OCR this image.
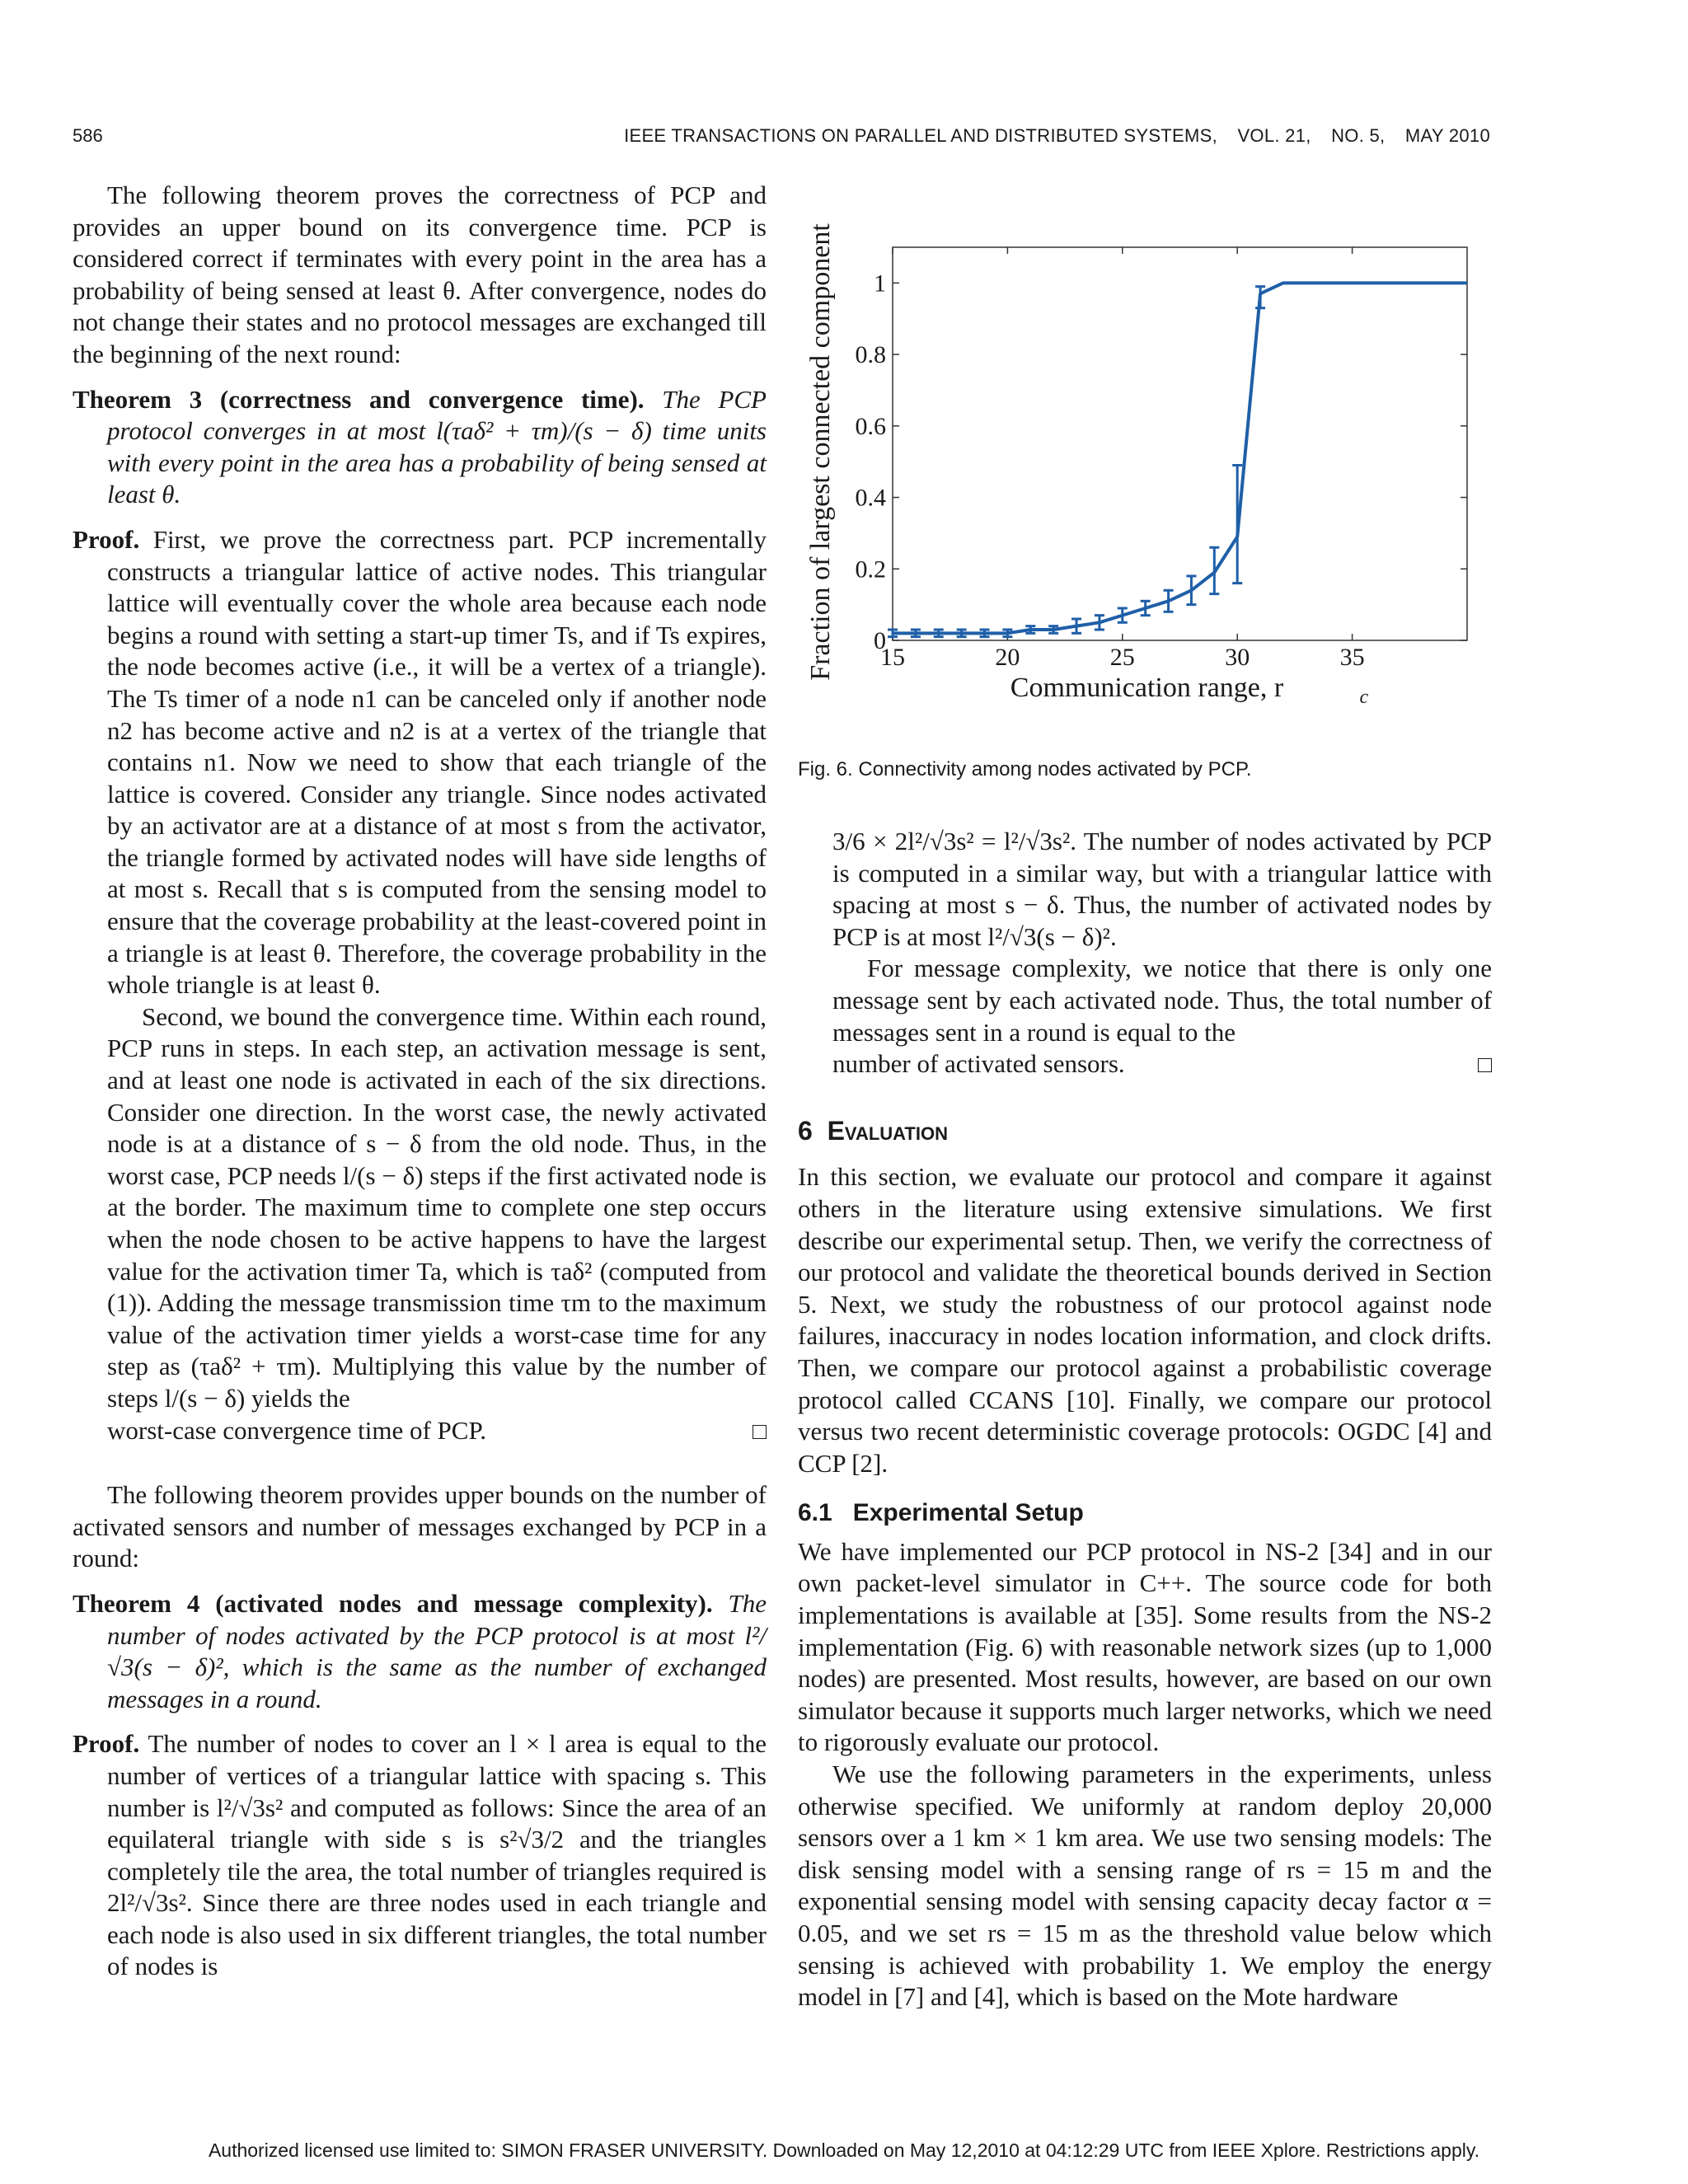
586	IEEE TRANSACTIONS ON PARALLEL AND DISTRIBUTED SYSTEMS, VOL. 21, NO. 5, MAY 2010

The following theorem proves the correctness of PCP and provides an upper bound on its convergence time. PCP is considered correct if terminates with every point in the area has a probability of being sensed at least θ. After convergence, nodes do not change their states and no protocol messages are exchanged till the beginning of the next round:

Theorem 3 (correctness and convergence time). The PCP protocol converges in at most l(τaδ² + τm)/(s − δ) time units with every point in the area has a probability of being sensed at least θ.

Proof. First, we prove the correctness part. PCP incrementally constructs a triangular lattice of active nodes. This triangular lattice will eventually cover the whole area because each node begins a round with setting a start-up timer Ts, and if Ts expires, the node becomes active (i.e., it will be a vertex of a triangle). The Ts timer of a node n1 can be canceled only if another node n2 has become active and n2 is at a vertex of the triangle that contains n1. Now we need to show that each triangle of the lattice is covered. Consider any triangle. Since nodes activated by an activator are at a distance of at most s from the activator, the triangle formed by activated nodes will have side lengths of at most s. Recall that s is computed from the sensing model to ensure that the coverage probability at the least-covered point in a triangle is at least θ. Therefore, the coverage probability in the whole triangle is at least θ.

Second, we bound the convergence time. Within each round, PCP runs in steps. In each step, an activation message is sent, and at least one node is activated in each of the six directions. Consider one direction. In the worst case, the newly activated node is at a distance of s − δ from the old node. Thus, in the worst case, PCP needs l/(s − δ) steps if the first activated node is at the border. The maximum time to complete one step occurs when the node chosen to be active happens to have the largest value for the activation timer Ta, which is τaδ² (computed from (1)). Adding the message transmission time τm to the maximum value of the activation timer yields a worst-case time for any step as (τaδ² + τm). Multiplying this value by the number of steps l/(s − δ) yields the

worst-case convergence time of PCP.

The following theorem provides upper bounds on the number of activated sensors and number of messages exchanged by PCP in a round:

Theorem 4 (activated nodes and message complexity). The number of nodes activated by the PCP protocol is at most l²/√3(s − δ)², which is the same as the number of exchanged messages in a round.

Proof. The number of nodes to cover an l × l area is equal to the number of vertices of a triangular lattice with spacing s. This number is l²/√3s² and computed as follows: Since the area of an equilateral triangle with side s is s²√3/2 and the triangles completely tile the area, the total number of triangles required is 2l²/√3s². Since there are three nodes used in each triangle and each node is also used in six different triangles, the total number of nodes is

15	20	25	30	35
0
0.2
0.4
0.6
0.8
1
Communication range, r	c
Fraction of largest connected component
Fig. 6. Connectivity among nodes activated by PCP.

3/6 × 2l²/√3s² = l²/√3s². The number of nodes activated by PCP is computed in a similar way, but with a triangular lattice with spacing at most s − δ. Thus, the number of activated nodes by PCP is at most l²/√3(s − δ)².

For message complexity, we notice that there is only one message sent by each activated node. Thus, the total number of messages sent in a round is equal to the

number of activated sensors.
6 Evaluation

In this section, we evaluate our protocol and compare it against others in the literature using extensive simulations. We first describe our experimental setup. Then, we verify the correctness of our protocol and validate the theoretical bounds derived in Section 5. Next, we study the robustness of our protocol against node failures, inaccuracy in nodes location information, and clock drifts. Then, we compare our protocol against a probabilistic coverage protocol called CCANS [10]. Finally, we compare our protocol versus two recent deterministic coverage protocols: OGDC [4] and CCP [2].

6.1   Experimental Setup

We have implemented our PCP protocol in NS-2 [34] and in our own packet-level simulator in C++. The source code for both implementations is available at [35]. Some results from the NS-2 implementation (Fig. 6) with reasonable network sizes (up to 1,000 nodes) are presented. Most results, however, are based on our own simulator because it supports much larger networks, which we need to rigorously evaluate our protocol.

We use the following parameters in the experiments, unless otherwise specified. We uniformly at random deploy 20,000 sensors over a 1 km × 1 km area. We use two sensing models: The disk sensing model with a sensing range of rs = 15 m and the exponential sensing model with sensing capacity decay factor α = 0.05, and we set rs = 15 m as the threshold value below which sensing is achieved with probability 1. We employ the energy model in [7] and [4], which is based on the Mote hardware

Authorized licensed use limited to: SIMON FRASER UNIVERSITY. Downloaded on May 12,2010 at 04:12:29 UTC from IEEE Xplore. Restrictions apply.
